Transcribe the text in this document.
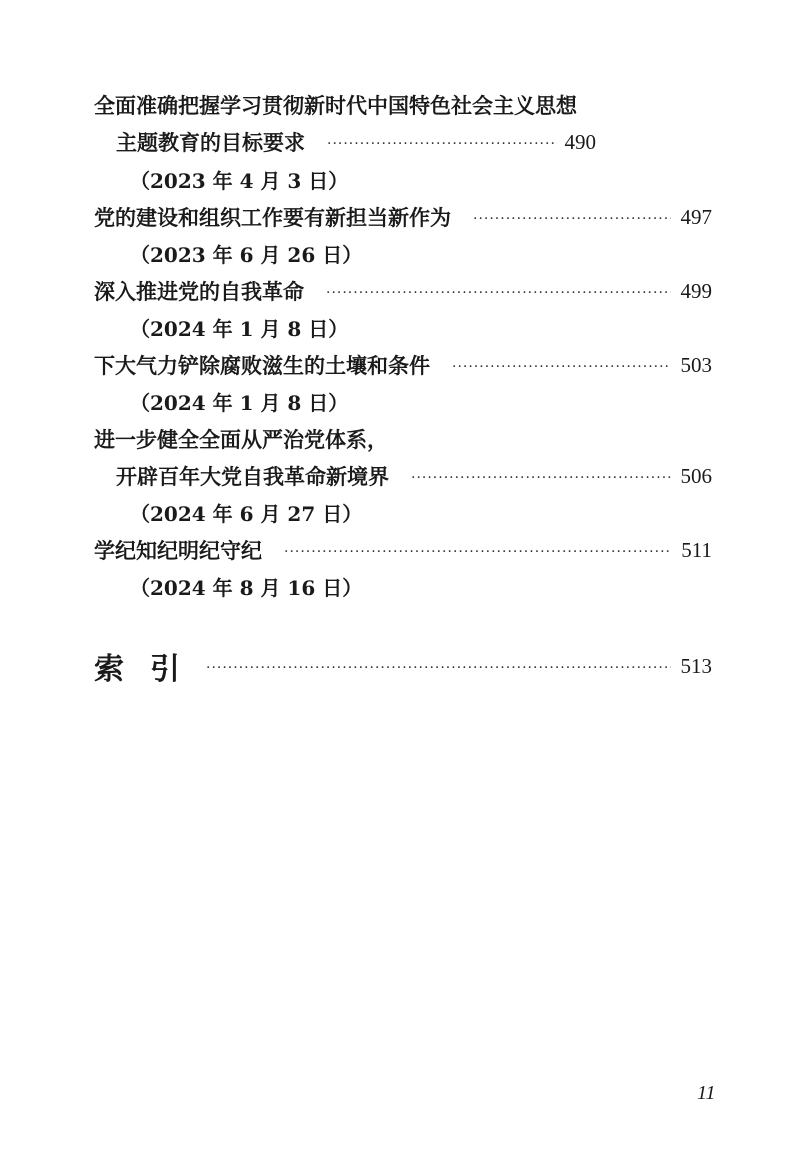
全面准确把握学习贯彻新时代中国特色社会主义思想
主题教育的目标要求 ·····	490
（2023 年 4 月 3 日）
党的建设和组织工作要有新担当新作为 ·····	497
（2023 年 6 月 26 日）
深入推进党的自我革命 ·····	499
（2024 年 1 月 8 日）
下大气力铲除腐败滋生的土壤和条件 ·····	503
（2024 年 1 月 8 日）
进一步健全全面从严治党体系，
开辟百年大党自我革命新境界 ·····	506
（2024 年 6 月 27 日）
学纪知纪明纪守纪 ·····	511
（2024 年 8 月 16 日）
索引 ·····	513
11
